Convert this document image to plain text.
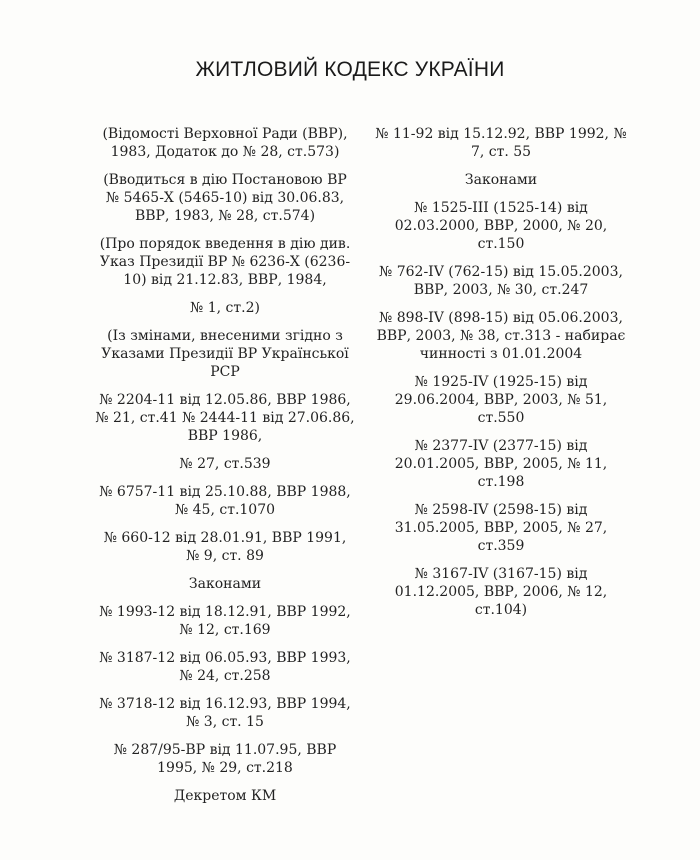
ЖИТЛОВИЙ КОДЕКС УКРАЇНИ

(Відомості Верховної Ради (ВВР), 1983, Додаток до № 28, ст.573)

(Вводиться в дію Постановою ВР № 5465-X (5465-10) від 30.06.83, ВВР, 1983, № 28, ст.574)

(Про порядок введення в дію див. Указ Президії ВР № 6236-X (6236-10) від 21.12.83, ВВР, 1984,

№ 1, ст.2)

(Із змінами, внесеними згідно з Указами Президії ВР Української РСР

№ 2204-11 від 12.05.86, ВВР 1986, № 21, ст.41 № 2444-11 від 27.06.86, ВВР 1986,

№ 27, ст.539

№ 6757-11 від 25.10.88, ВВР 1988, № 45, ст.1070

№ 660-12 від 28.01.91, ВВР 1991, № 9, ст. 89

Законами

№ 1993-12 від 18.12.91, ВВР 1992, № 12, ст.169

№ 3187-12 від 06.05.93, ВВР 1993, № 24, ст.258

№ 3718-12 від 16.12.93, ВВР 1994, № 3, ст. 15

№ 287/95-ВР від 11.07.95, ВВР 1995, № 29, ст.218

Декретом КМ

№ 11-92 від 15.12.92, ВВР 1992, № 7, ст. 55

Законами

№ 1525-III (1525-14) від 02.03.2000, ВВР, 2000, № 20, ст.150

№ 762-IV (762-15) від 15.05.2003, ВВР, 2003, № 30, ст.247

№ 898-IV (898-15) від 05.06.2003, ВВР, 2003, № 38, ст.313 - набирає чинності з 01.01.2004

№ 1925-IV (1925-15) від 29.06.2004, ВВР, 2003, № 51, ст.550

№ 2377-IV (2377-15) від 20.01.2005, ВВР, 2005, № 11, ст.198

№ 2598-IV (2598-15) від 31.05.2005, ВВР, 2005, № 27, ст.359

№ 3167-IV (3167-15) від 01.12.2005, ВВР, 2006, № 12, ст.104)
